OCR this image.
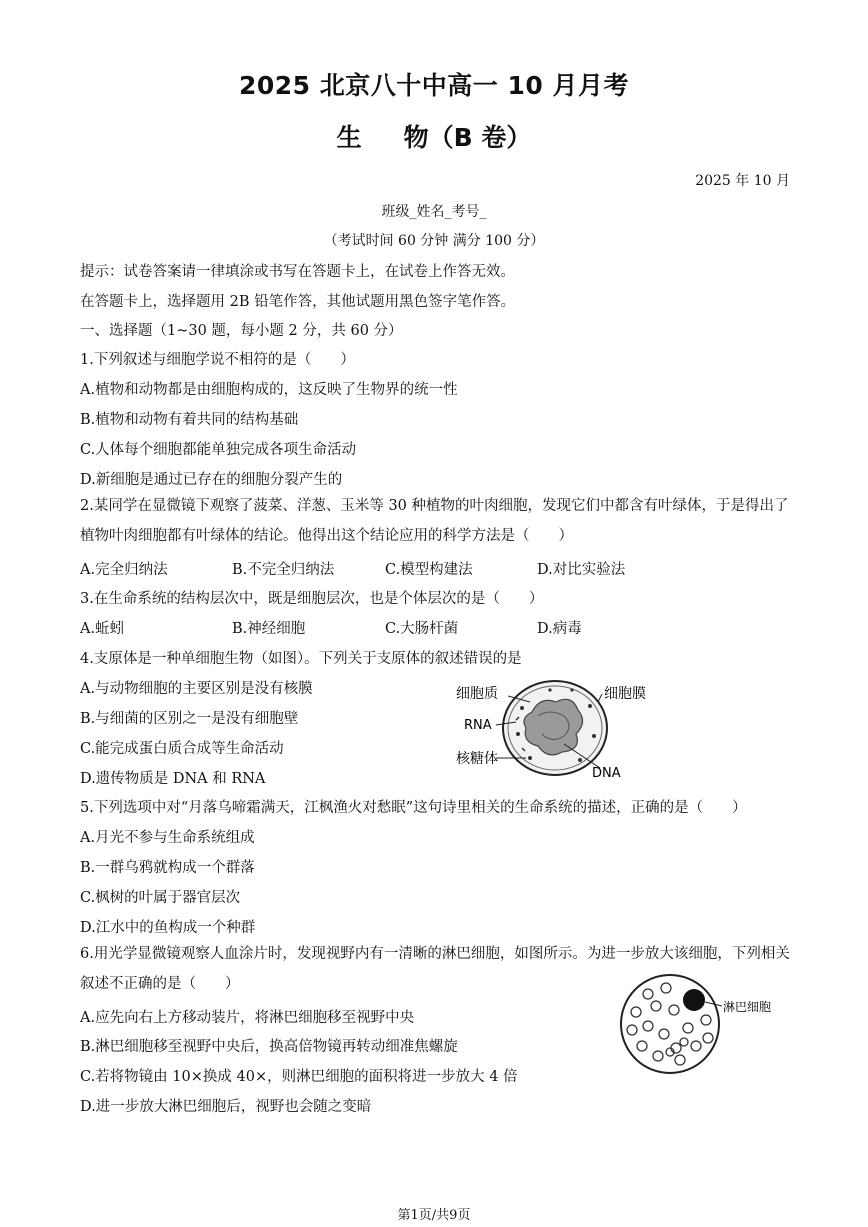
2025 北京八十中高一 10 月月考
生物（B 卷）
2025 年 10 月
班级_姓名_考号_
（考试时间 60 分钟 满分 100 分）
提示：试卷答案请一律填涂或书写在答题卡上，在试卷上作答无效。
在答题卡上，选择题用 2B 铅笔作答，其他试题用黑色签字笔作答。
一、选择题（1~30 题，每小题 2 分，共 60 分）
1.下列叙述与细胞学说不相符的是（　　）
A.植物和动物都是由细胞构成的，这反映了生物界的统一性
B.植物和动物有着共同的结构基础
C.人体每个细胞都能单独完成各项生命活动
D.新细胞是通过已存在的细胞分裂产生的
2.某同学在显微镜下观察了菠菜、洋葱、玉米等 30 种植物的叶肉细胞，发现它们中都含有叶绿体，于是得出了植物叶肉细胞都有叶绿体的结论。他得出这个结论应用的科学方法是（　　）
A.完全归纳法	B.不完全归纳法	C.模型构建法	D.对比实验法
3.在生命系统的结构层次中，既是细胞层次，也是个体层次的是（　　）
A.蚯蚓	B.神经细胞	C.大肠杆菌	D.病毒
4.支原体是一种单细胞生物（如图）。下列关于支原体的叙述错误的是
A.与动物细胞的主要区别是没有核膜
B.与细菌的区别之一是没有细胞壁
C.能完成蛋白质合成等生命活动
D.遗传物质是 DNA 和 RNA
细胞质	细胞膜
RNA
核糖体
DNA
5.下列选项中对“月落乌啼霜满天，江枫渔火对愁眠”这句诗里相关的生命系统的描述，正确的是（　　）
A.月光不参与生命系统组成
B.一群乌鸦就构成一个群落
C.枫树的叶属于器官层次
D.江水中的鱼构成一个种群
6.用光学显微镜观察人血涂片时，发现视野内有一清晰的淋巴细胞，如图所示。为进一步放大该细胞，下列相关叙述不正确的是（　　）
A.应先向右上方移动装片，将淋巴细胞移至视野中央
B.淋巴细胞移至视野中央后，换高倍物镜再转动细准焦螺旋
C.若将物镜由 10×换成 40×，则淋巴细胞的面积将进一步放大 4 倍
D.进一步放大淋巴细胞后，视野也会随之变暗
淋巴细胞
第1页/共9页
